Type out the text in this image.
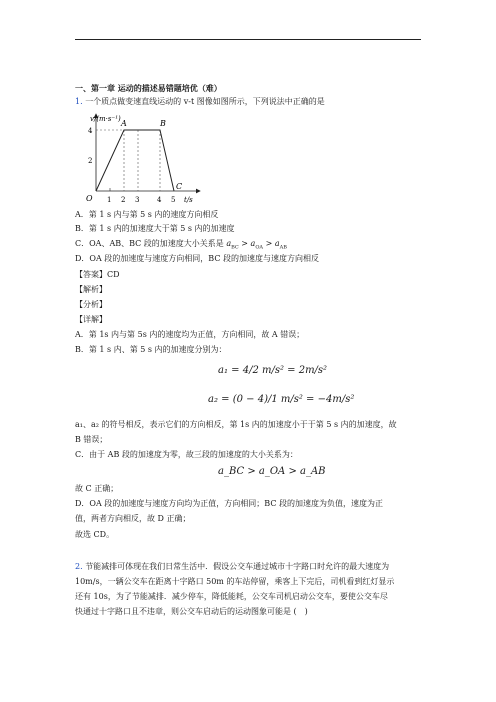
一、第一章 运动的描述易错题培优（难）
1. 一个质点做变速直线运动的 v-t 图像如图所示，下列说法中正确的是
v/(m·s⁻¹)
t/s
O
4
2
1 2 3	4 5
A	B
C
A．第 1 s 内与第 5 s 内的速度方向相反
B．第 1 s 内的加速度大于第 5 s 内的加速度
C．OA、AB、BC 段的加速度大小关系是 $a_{BC} > a_{OA} > a_{AB}$
D．OA 段的加速度与速度方向相同，BC 段的加速度与速度方向相反
【答案】CD
【解析】
【分析】
【详解】
A．第 1s 内与第 5s 内的速度均为正值，方向相同，故 A 错误；
B．第 1 s 内、第 5 s 内的加速度分别为：
a₁ = 4/2 m/s² = 2m/s²
a₂ = (0 − 4)/1 m/s² = −4m/s²
a₁、a₂ 的符号相反，表示它们的方向相反，第 1s 内的加速度小于于第 5 s 内的加速度，故
B 错误；
C．由于 AB 段的加速度为零，故三段的加速度的大小关系为：
a_BC > a_OA > a_AB
故 C 正确；
D．OA 段的加速度与速度方向均为正值，方向相同；BC 段的加速度为负值，速度为正
值，两者方向相反，故 D 正确；
故选 CD。
2. 节能减排可体现在我们日常生活中．假设公交车通过城市十字路口时允许的最大速度为
10m/s，一辆公交车在距离十字路口 50m 的车站停留，乘客上下完后，司机看到红灯显示
还有 10s，为了节能减排．减少停车，降低能耗，公交车司机启动公交车，要使公交车尽
快通过十字路口且不违章，则公交车启动后的运动图象可能是 (　)
